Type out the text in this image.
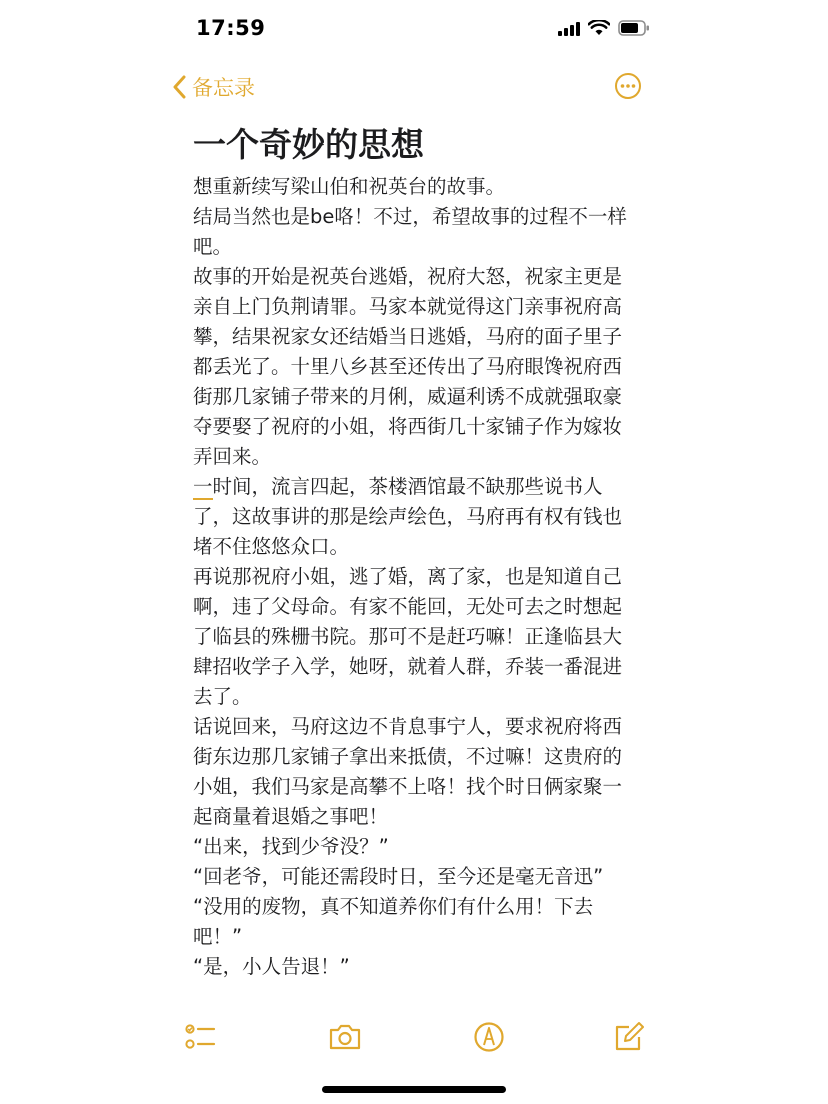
17:59
备忘录
一个奇妙的思想

想重新续写梁山伯和祝英台的故事。

结局当然也是be咯！不过，希望故事的过程不一样吧。

故事的开始是祝英台逃婚，祝府大怒，祝家主更是亲自上门负荆请罪。马家本就觉得这门亲事祝府高攀，结果祝家女还结婚当日逃婚，马府的面子里子都丢光了。十里八乡甚至还传出了马府眼馋祝府西街那几家铺子带来的月俐，威逼利诱不成就强取豪夺要娶了祝府的小姐，将西街几十家铺子作为嫁妆弄回来。

一时间，流言四起，茶楼酒馆最不缺那些说书人了，这故事讲的那是绘声绘色，马府再有权有钱也堵不住悠悠众口。

再说那祝府小姐，逃了婚，离了家，也是知道自己啊，违了父母命。有家不能回，无处可去之时想起了临县的殊栅书院。那可不是赶巧嘛！正逢临县大肆招收学子入学，她呀，就着人群，乔装一番混进去了。

话说回来，马府这边不肯息事宁人，要求祝府将西街东边那几家铺子拿出来抵债，不过嘛！这贵府的小姐，我们马家是高攀不上咯！找个时日俩家聚一起商量着退婚之事吧！

“出来，找到少爷没？”

“回老爷，可能还需段时日，至今还是毫无音迅”

“没用的废物，真不知道养你们有什么用！下去吧！”

“是，小人告退！”
